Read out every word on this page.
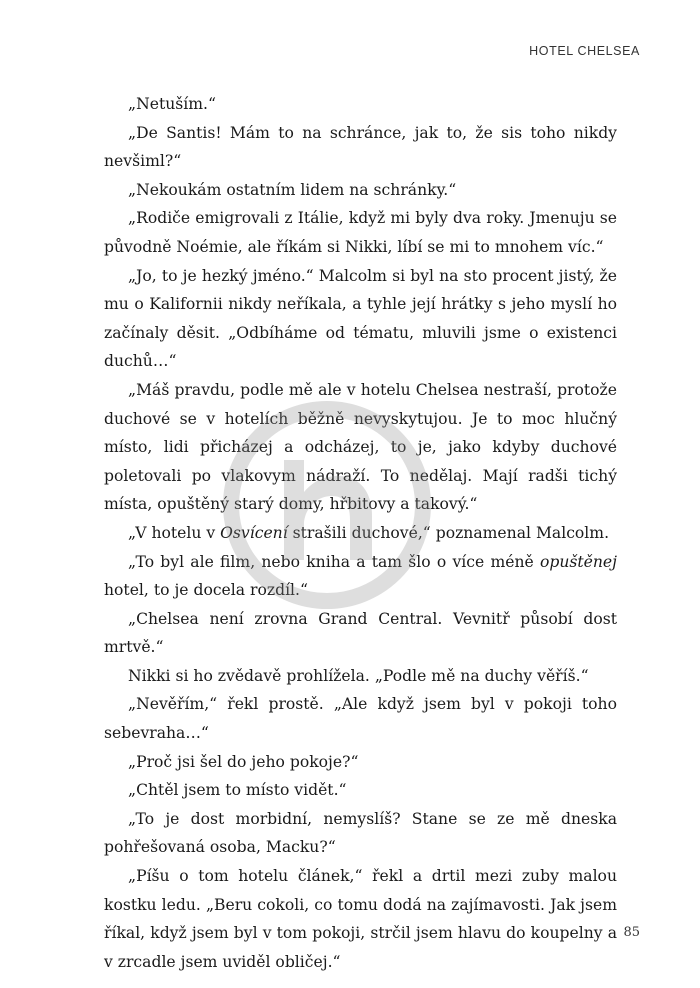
HOTEL CHELSEA

„Netuším.“

„De Santis! Mám to na schránce, jak to, že sis toho nikdy nevšiml?“

„Nekoukám ostatním lidem na schránky.“

„Rodiče emigrovali z Itálie, když mi byly dva roky. Jmenuju se původně Noémie, ale říkám si Nikki, líbí se mi to mnohem víc.“

„Jo, to je hezký jméno.“ Malcolm si byl na sto procent jistý, že mu o Kalifornii nikdy neříkala, a tyhle její hrátky s jeho myslí ho začínaly děsit. „Odbíháme od tématu, mluvili jsme o existenci duchů…“

„Máš pravdu, podle mě ale v hotelu Chelsea nestraší, protože duchové se v hotelích běžně nevyskytujou. Je to moc hlučný místo, lidi přicházej a odcházej, to je, jako kdyby duchové poletovali po vlakovym nádraží. To nedělaj. Mají radši tichý místa, opuštěný starý domy, hřbitovy a takový.“

„V hotelu v Osvícení strašili duchové,“ poznamenal Malcolm.

„To byl ale film, nebo kniha a tam šlo o více méně opuštěnej hotel, to je docela rozdíl.“

„Chelsea není zrovna Grand Central. Vevnitř působí dost mrtvě.“

Nikki si ho zvědavě prohlížela. „Podle mě na duchy věříš.“

„Nevěřím,“ řekl prostě. „Ale když jsem byl v pokoji toho sebevraha…“

„Proč jsi šel do jeho pokoje?“

„Chtěl jsem to místo vidět.“

„To je dost morbidní, nemyslíš? Stane se ze mě dneska pohřešovaná osoba, Macku?“

„Píšu o tom hotelu článek,“ řekl a drtil mezi zuby malou kostku ledu. „Beru cokoli, co tomu dodá na zajímavosti. Jak jsem říkal, když jsem byl v tom pokoji, strčil jsem hlavu do koupelny a v zrcadle jsem uviděl obličej.“

85
